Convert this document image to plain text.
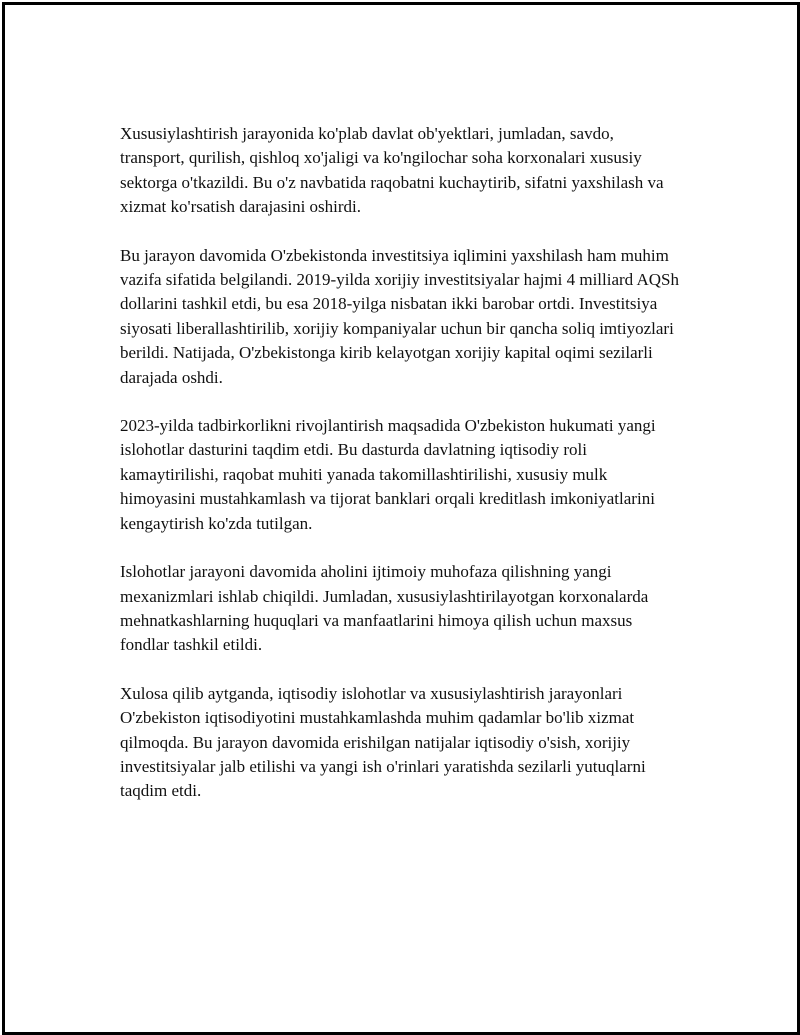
Xususiylashtirish jarayonida ko'plab davlat ob'yektlari, jumladan, savdo, transport, qurilish, qishloq xo'jaligi va ko'ngilochar soha korxonalari xususiy sektorga o'tkazildi. Bu o'z navbatida raqobatni kuchaytirib, sifatni yaxshilash va xizmat ko'rsatish darajasini oshirdi.

Bu jarayon davomida O'zbekistonda investitsiya iqlimini yaxshilash ham muhim vazifa sifatida belgilandi. 2019-yilda xorijiy investitsiyalar hajmi 4 milliard AQSh dollarini tashkil etdi, bu esa 2018-yilga nisbatan ikki barobar ortdi. Investitsiya siyosati liberallashtirilib, xorijiy kompaniyalar uchun bir qancha soliq imtiyozlari berildi. Natijada, O'zbekistonga kirib kelayotgan xorijiy kapital oqimi sezilarli darajada oshdi.

2023-yilda tadbirkorlikni rivojlantirish maqsadida O'zbekiston hukumati yangi islohotlar dasturini taqdim etdi. Bu dasturda davlatning iqtisodiy roli kamaytirilishi, raqobat muhiti yanada takomillashtirilishi, xususiy mulk himoyasini mustahkamlash va tijorat banklari orqali kreditlash imkoniyatlarini kengaytirish ko'zda tutilgan.

Islohotlar jarayoni davomida aholini ijtimoiy muhofaza qilishning yangi mexanizmlari ishlab chiqildi. Jumladan, xususiylashtirilayotgan korxonalarda mehnatkashlarning huquqlari va manfaatlarini himoya qilish uchun maxsus fondlar tashkil etildi.

Xulosa qilib aytganda, iqtisodiy islohotlar va xususiylashtirish jarayonlari O'zbekiston iqtisodiyotini mustahkamlashda muhim qadamlar bo'lib xizmat qilmoqda. Bu jarayon davomida erishilgan natijalar iqtisodiy o'sish, xorijiy investitsiyalar jalb etilishi va yangi ish o'rinlari yaratishda sezilarli yutuqlarni taqdim etdi.
